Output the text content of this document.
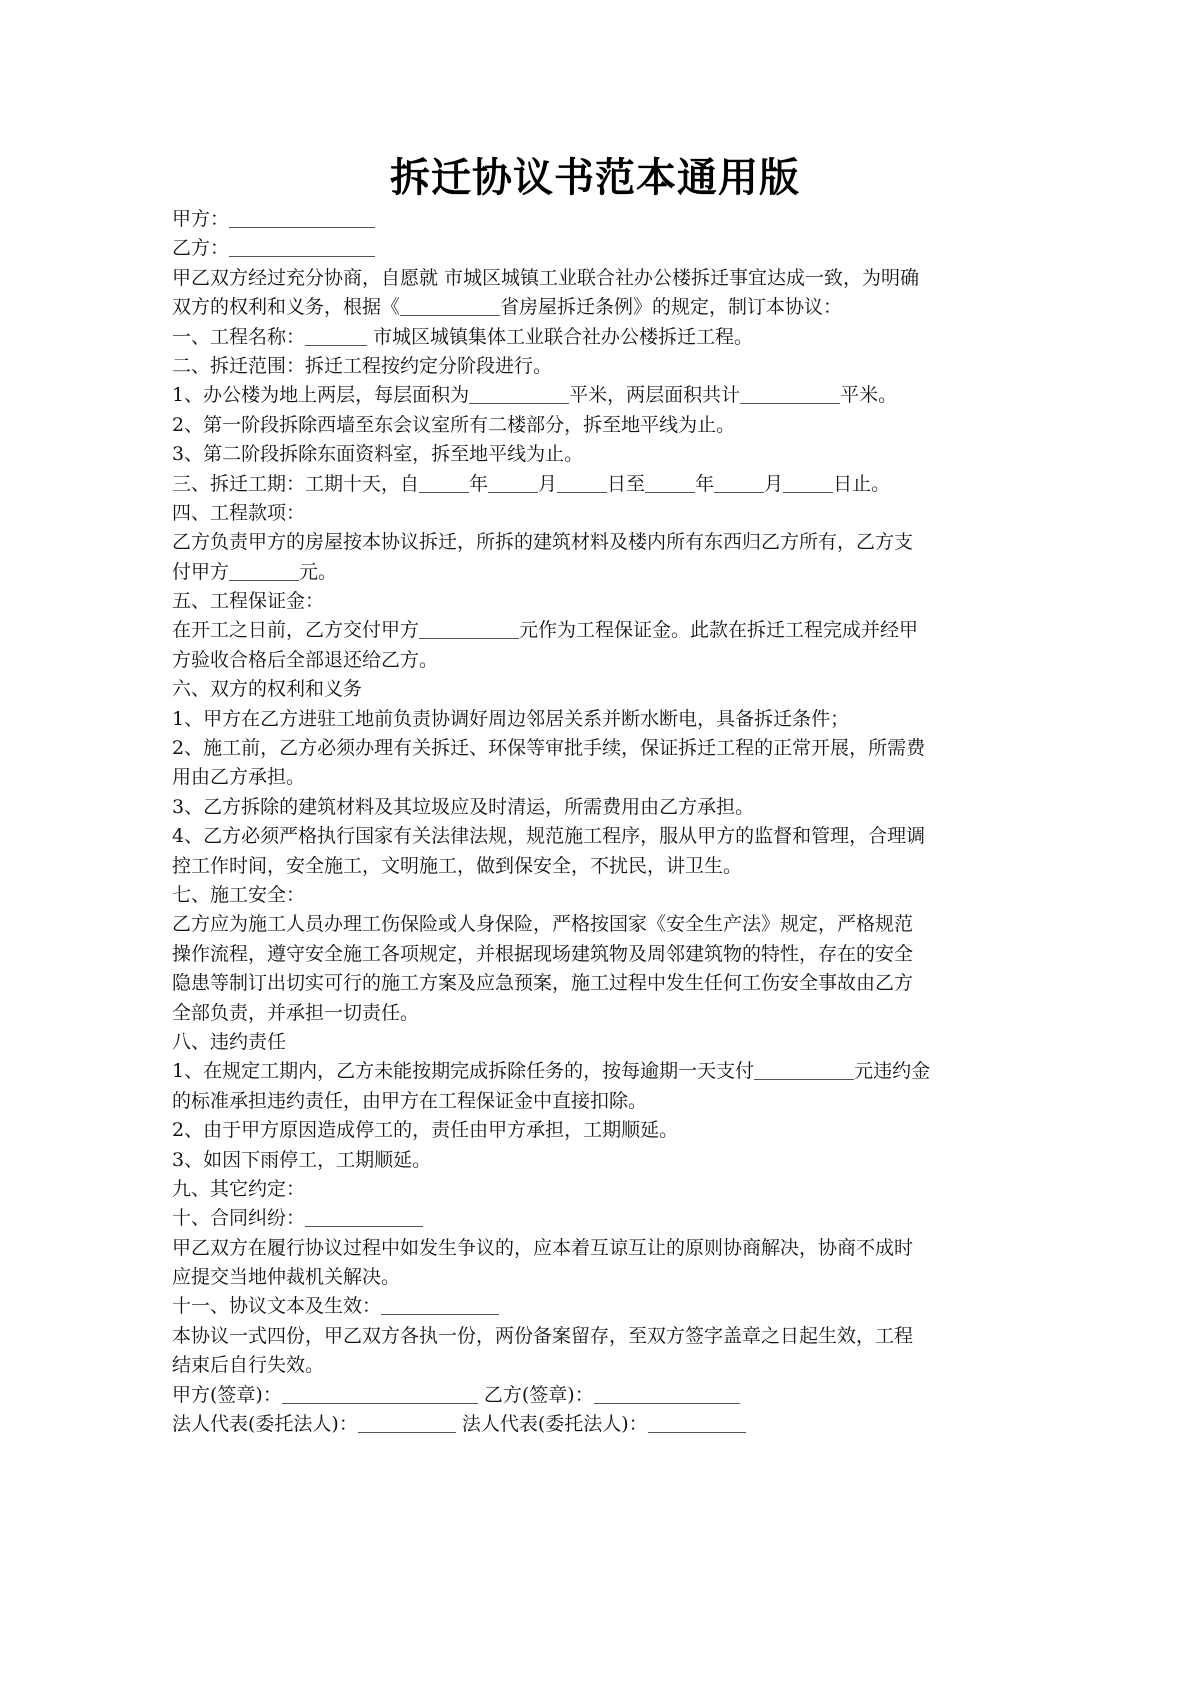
拆迁协议书范本通用版
甲方：
乙方：
甲乙双方经过充分协商，自愿就 市城区城镇工业联合社办公楼拆迁事宜达成一致，为明确
双方的权利和义务，根据《	省房屋拆迁条例》的规定，制订本协议：
一、工程名称：	市城区城镇集体工业联合社办公楼拆迁工程。
二、拆迁范围：拆迁工程按约定分阶段进行。
1、办公楼为地上两层，每层面积为	平米，两层面积共计	平米。
2、第一阶段拆除西墙至东会议室所有二楼部分，拆至地平线为止。
3、第二阶段拆除东面资料室，拆至地平线为止。
三、拆迁工期：工期十天，自	年	月	日至	年	月	日止。
四、工程款项：
乙方负责甲方的房屋按本协议拆迁，所拆的建筑材料及楼内所有东西归乙方所有，乙方支
付甲方	元。
五、工程保证金：
在开工之日前，乙方交付甲方	元作为工程保证金。此款在拆迁工程完成并经甲
方验收合格后全部退还给乙方。
六、双方的权利和义务
1、甲方在乙方进驻工地前负责协调好周边邻居关系并断水断电，具备拆迁条件；
2、施工前，乙方必须办理有关拆迁、环保等审批手续，保证拆迁工程的正常开展，所需费
用由乙方承担。
3、乙方拆除的建筑材料及其垃圾应及时清运，所需费用由乙方承担。
4、乙方必须严格执行国家有关法律法规，规范施工程序，服从甲方的监督和管理，合理调
控工作时间，安全施工，文明施工，做到保安全，不扰民，讲卫生。
七、施工安全：
乙方应为施工人员办理工伤保险或人身保险，严格按国家《安全生产法》规定，严格规范
操作流程，遵守安全施工各项规定，并根据现场建筑物及周邻建筑物的特性，存在的安全
隐患等制订出切实可行的施工方案及应急预案，施工过程中发生任何工伤安全事故由乙方
全部负责，并承担一切责任。
八、违约责任
1、在规定工期内，乙方未能按期完成拆除任务的，按每逾期一天支付	元违约金
的标准承担违约责任，由甲方在工程保证金中直接扣除。
2、由于甲方原因造成停工的，责任由甲方承担，工期顺延。
3、如因下雨停工，工期顺延。
九、其它约定：
十、合同纠纷：
甲乙双方在履行协议过程中如发生争议的，应本着互谅互让的原则协商解决，协商不成时
应提交当地仲裁机关解决。
十一、协议文本及生效：
本协议一式四份，甲乙双方各执一份，两份备案留存，至双方签字盖章之日起生效，工程
结束后自行失效。
甲方(签章)：	乙方(签章)：
法人代表(委托法人)：	法人代表(委托法人)：
